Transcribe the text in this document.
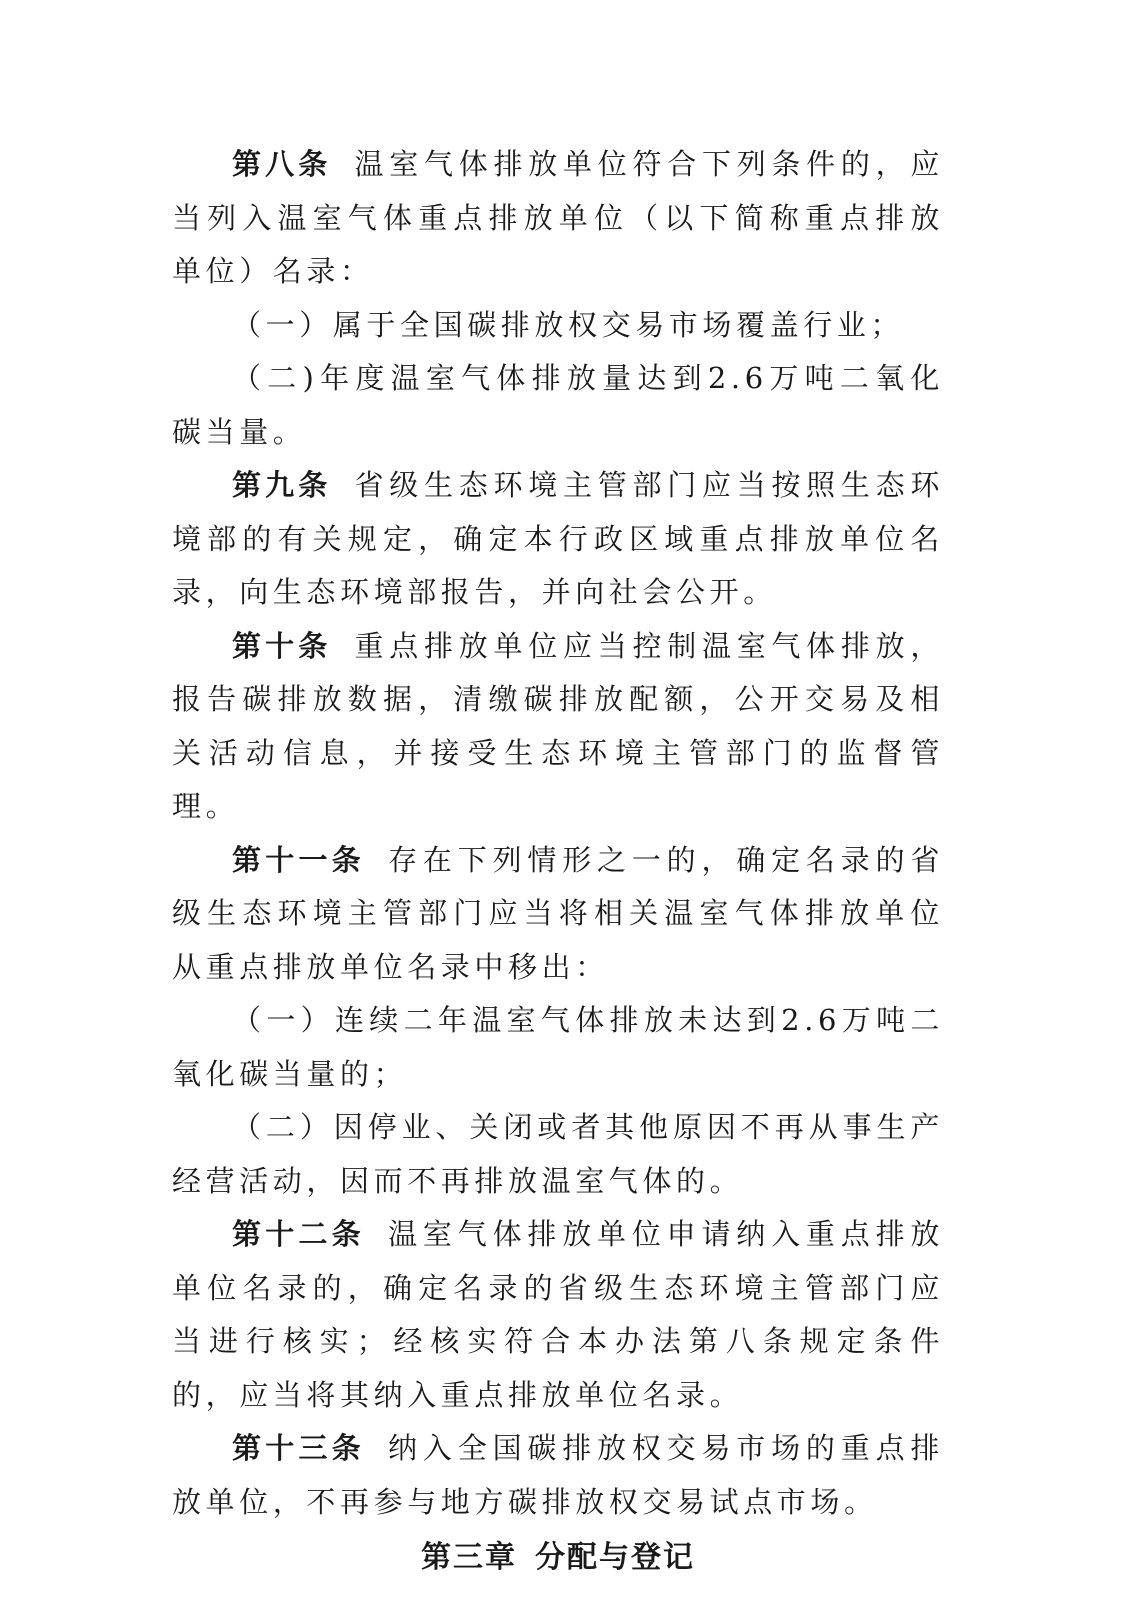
第八条 温室气体排放单位符合下列条件的，应当列入温室气体重点排放单位（以下简称重点排放单位）名录：

（一）属于全国碳排放权交易市场覆盖行业；

（二)年度温室气体排放量达到2.6万吨二氧化碳当量。

第九条 省级生态环境主管部门应当按照生态环境部的有关规定，确定本行政区域重点排放单位名录，向生态环境部报告，并向社会公开。

第十条 重点排放单位应当控制温室气体排放，报告碳排放数据，清缴碳排放配额，公开交易及相关活动信息，并接受生态环境主管部门的监督管理。

第十一条 存在下列情形之一的，确定名录的省级生态环境主管部门应当将相关温室气体排放单位从重点排放单位名录中移出：

（一）连续二年温室气体排放未达到2.6万吨二氧化碳当量的；

（二）因停业、关闭或者其他原因不再从事生产经营活动，因而不再排放温室气体的。

第十二条 温室气体排放单位申请纳入重点排放单位名录的，确定名录的省级生态环境主管部门应当进行核实；经核实符合本办法第八条规定条件的，应当将其纳入重点排放单位名录。

第十三条 纳入全国碳排放权交易市场的重点排放单位，不再参与地方碳排放权交易试点市场。

第三章 分配与登记
